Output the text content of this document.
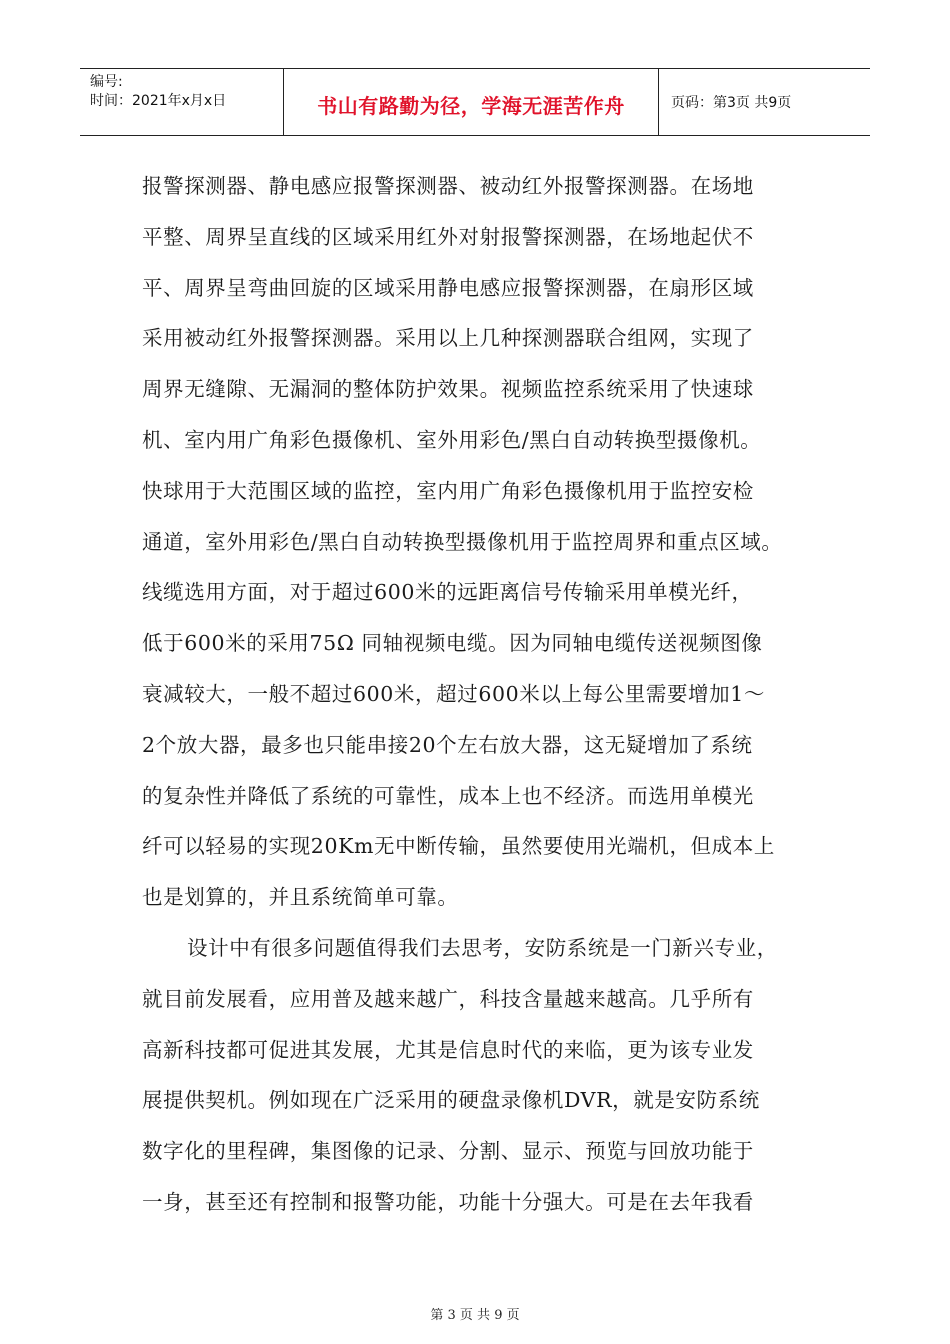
编号:
时间：2021年x月x日	书山有路勤为径，学海无涯苦作舟	页码：第3页 共9页
报警探测器、静电感应报警探测器、被动红外报警探测器。在场地
平整、周界呈直线的区域采用红外对射报警探测器，在场地起伏不
平、周界呈弯曲回旋的区域采用静电感应报警探测器，在扇形区域
采用被动红外报警探测器。采用以上几种探测器联合组网，实现了
周界无缝隙、无漏洞的整体防护效果。视频监控系统采用了快速球
机、室内用广角彩色摄像机、室外用彩色/黑白自动转换型摄像机。
快球用于大范围区域的监控，室内用广角彩色摄像机用于监控安检
通道，室外用彩色/黑白自动转换型摄像机用于监控周界和重点区域。
线缆选用方面，对于超过600米的远距离信号传输采用单模光纤，
低于600米的采用75Ω 同轴视频电缆。因为同轴电缆传送视频图像
衰减较大，一般不超过600米，超过600米以上每公里需要增加1～
2个放大器，最多也只能串接20个左右放大器，这无疑增加了系统
的复杂性并降低了系统的可靠性，成本上也不经济。而选用单模光
纤可以轻易的实现20Km无中断传输，虽然要使用光端机，但成本上
也是划算的，并且系统简单可靠。
设计中有很多问题值得我们去思考，安防系统是一门新兴专业，
就目前发展看，应用普及越来越广，科技含量越来越高。几乎所有
高新科技都可促进其发展，尤其是信息时代的来临，更为该专业发
展提供契机。例如现在广泛采用的硬盘录像机DVR，就是安防系统
数字化的里程碑，集图像的记录、分割、显示、预览与回放功能于
一身，甚至还有控制和报警功能，功能十分强大。可是在去年我看
第 3 页 共 9 页
